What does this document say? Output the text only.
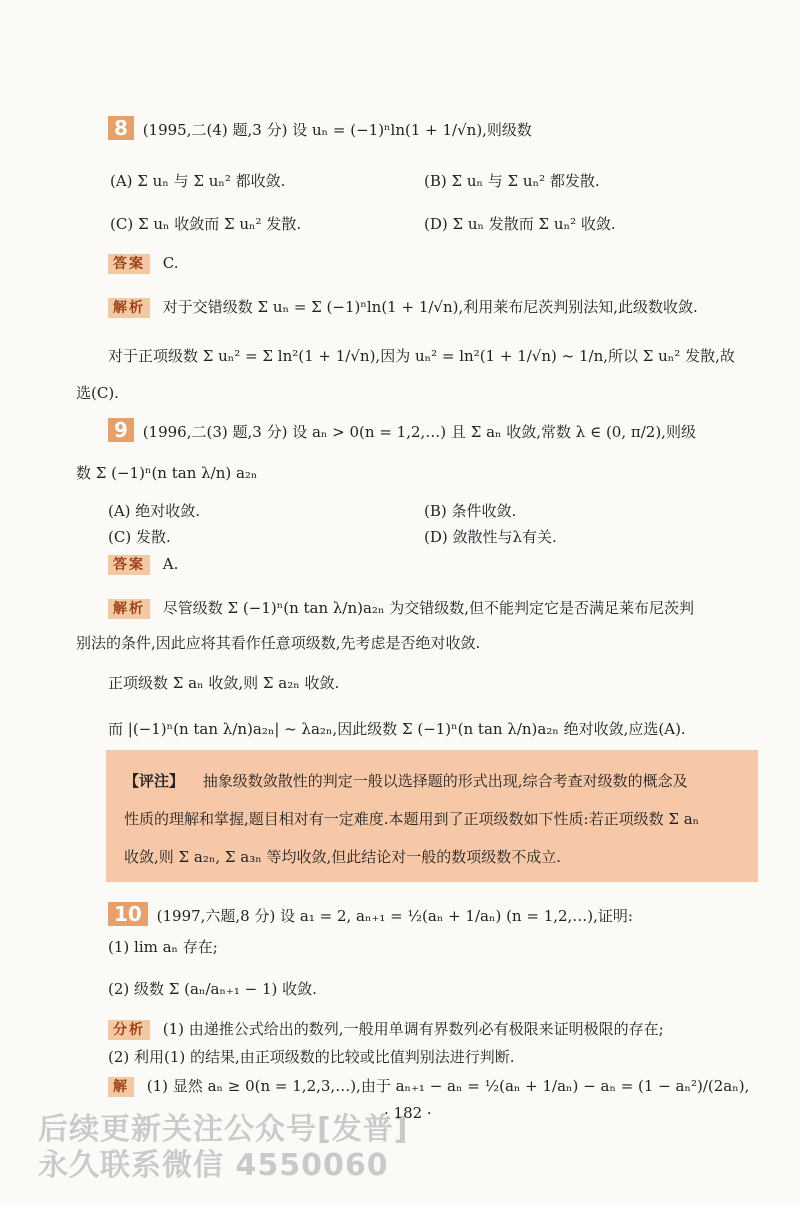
8 (1995,二(4) 题,3 分) 设 uₙ = (−1)ⁿln(1 + 1/√n),则级数
(A) Σ uₙ 与 Σ uₙ² 都收敛.	(B) Σ uₙ 与 Σ uₙ² 都发散.
(C) Σ uₙ 收敛而 Σ uₙ² 发散.	(D) Σ uₙ 发散而 Σ uₙ² 收敛.
答案 C.
解析 对于交错级数 Σ uₙ = Σ (−1)ⁿln(1 + 1/√n),利用莱布尼茨判别法知,此级数收敛.
对于正项级数 Σ uₙ² = Σ ln²(1 + 1/√n),因为 uₙ² = ln²(1 + 1/√n) ~ 1/n,所以 Σ uₙ² 发散,故
选(C).
9 (1996,二(3) 题,3 分) 设 aₙ > 0(n = 1,2,…) 且 Σ aₙ 收敛,常数 λ ∈ (0, π/2),则级
数 Σ (−1)ⁿ(n tan λ/n) a₂ₙ
(A) 绝对收敛.	(B) 条件收敛.
(C) 发散.	(D) 敛散性与λ有关.
答案 A.
解析 尽管级数 Σ (−1)ⁿ(n tan λ/n)a₂ₙ 为交错级数,但不能判定它是否满足莱布尼茨判
别法的条件,因此应将其看作任意项级数,先考虑是否绝对收敛.
正项级数 Σ aₙ 收敛,则 Σ a₂ₙ 收敛.
而 |(−1)ⁿ(n tan λ/n)a₂ₙ| ~ λa₂ₙ,因此级数 Σ (−1)ⁿ(n tan λ/n)a₂ₙ 绝对收敛,应选(A).
【评注】 抽象级数敛散性的判定一般以选择题的形式出现,综合考查对级数的概念及
性质的理解和掌握,题目相对有一定难度.本题用到了正项级数如下性质:若正项级数 Σ aₙ
收敛,则 Σ a₂ₙ, Σ a₃ₙ 等均收敛,但此结论对一般的数项级数不成立.
10 (1997,六题,8 分) 设 a₁ = 2, aₙ₊₁ = ½(aₙ + 1/aₙ) (n = 1,2,…),证明:
(1) lim aₙ 存在;
(2) 级数 Σ (aₙ/aₙ₊₁ − 1) 收敛.
分析 (1) 由递推公式给出的数列,一般用单调有界数列必有极限来证明极限的存在;
(2) 利用(1) 的结果,由正项级数的比较或比值判别法进行判断.
解 (1) 显然 aₙ ≥ 0(n = 1,2,3,…),由于 aₙ₊₁ − aₙ = ½(aₙ + 1/aₙ) − aₙ = (1 − aₙ²)/(2aₙ),
后续更新关注公众号[发普]
永久联系微信 4550060
· 182 ·
